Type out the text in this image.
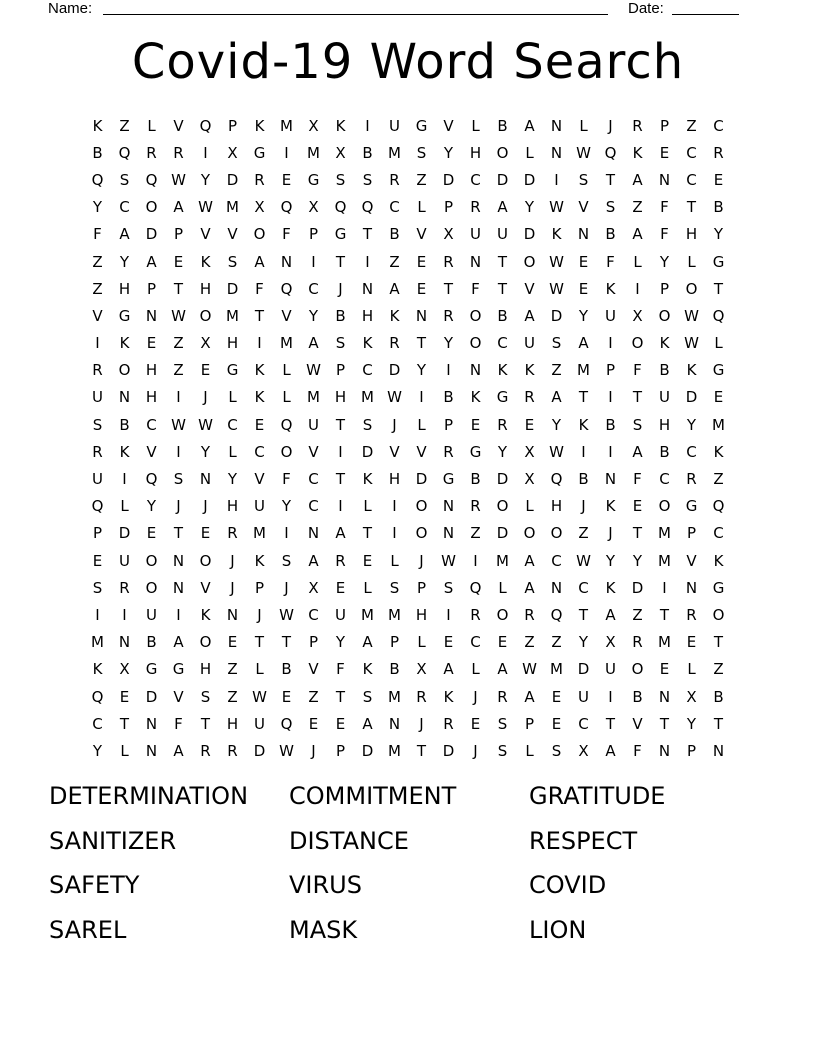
Name:	Date:
Covid-19 Word Search
K	Z	L	V	Q	P	K	M	X	K	I	U	G	V	L	B	A	N	L	J	R	P	Z	C
B	Q	R	R	I	X	G	I	M	X	B	M	S	Y	H	O	L	N W Q	K	E	C	R
Q	S	Q W Y	D	R	E	G	S	S	R	Z	D	C	D	D	I	S	T	A	N	C	E
Y	C	O	A W M	X	Q	X	Q	Q	C	L	P	R	A	Y	W V	S	Z	F	T	B
F	A	D	P	V	V	O	F	P	G	T	B	V	X	U	U	D	K	N	B	A	F	H	Y
Z	Y	A	E	K	S	A	N	I	T	I	Z	E	R	N	T	O W E	F	L	Y	L	G
Z	H	P	T	H	D	F	Q	C	J	N	A	E	T	F	T	V W E	K	I	P	O	T
V	G	N W O M	T	V	Y	B	H	K	N	R	O	B	A	D	Y	U	X	O W Q
I	K	E	Z	X	H	I	M	A	S	K	R	T	Y	O	C	U	S	A	I	O	K W	L
R	O	H	Z	E	G	K	L	W	P	C	D	Y	I	N	K	K	Z	M	P	F	B	K	G
U	N	H	I	J	L	K	L	M H M W	I	B	K	G	R	A	T	I	T	U	D	E
S	B	C W W C	E	Q	U	T	S	J	L	P	E	R	E	Y	K	B	S	H	Y	M
R	K	V	I	Y	L	C	O	V	I	D	V	V	R	G	Y	X W	I	I	A	B	C	K
U	I	Q	S	N	Y	V	F	C	T	K	H	D	G	B	D	X	Q	B	N	F	C	R	Z
Q	L	Y	J	J	H	U	Y	C	I	L	I	O	N	R	O	L	H	J	K	E	O	G	Q
P	D	E	T	E	R	M	I	N	A	T	I	O	N	Z	D	O	O	Z	J	T	M	P	C
E	U	O	N	O	J	K	S	A	R	E	L	J	W	I	M	A	C W Y	Y	M	V	K
S	R	O	N	V	J	P	J	X	E	L	S	P	S	Q	L	A	N	C	K	D	I	N	G
I	I	U	I	K	N	J	W C	U	M M H	I	R	O	R	Q	T	A	Z	T	R	O
M N	B	A	O	E	T	T	P	Y	A	P	L	E	C	E	Z	Z	Y	X	R	M	E	T
K	X	G	G	H	Z	L	B	V	F	K	B	X	A	L	A W M D	U	O	E	L	Z
Q	E	D	V	S	Z W E	Z	T	S	M	R	K	J	R	A	E	U	I	B	N	X	B
C	T	N	F	T	H	U	Q	E	E	A	N	J	R	E	S	P	E	C	T	V	T	Y	T
Y	L	N	A	R	R	D W	J	P	D M	T	D	J	S	L	S	X	A	F	N	P	N
DETERMINATION	COMMITMENT	GRATITUDE
SANITIZER	DISTANCE	RESPECT
SAFETY	VIRUS	COVID
SAREL	MASK	LION
